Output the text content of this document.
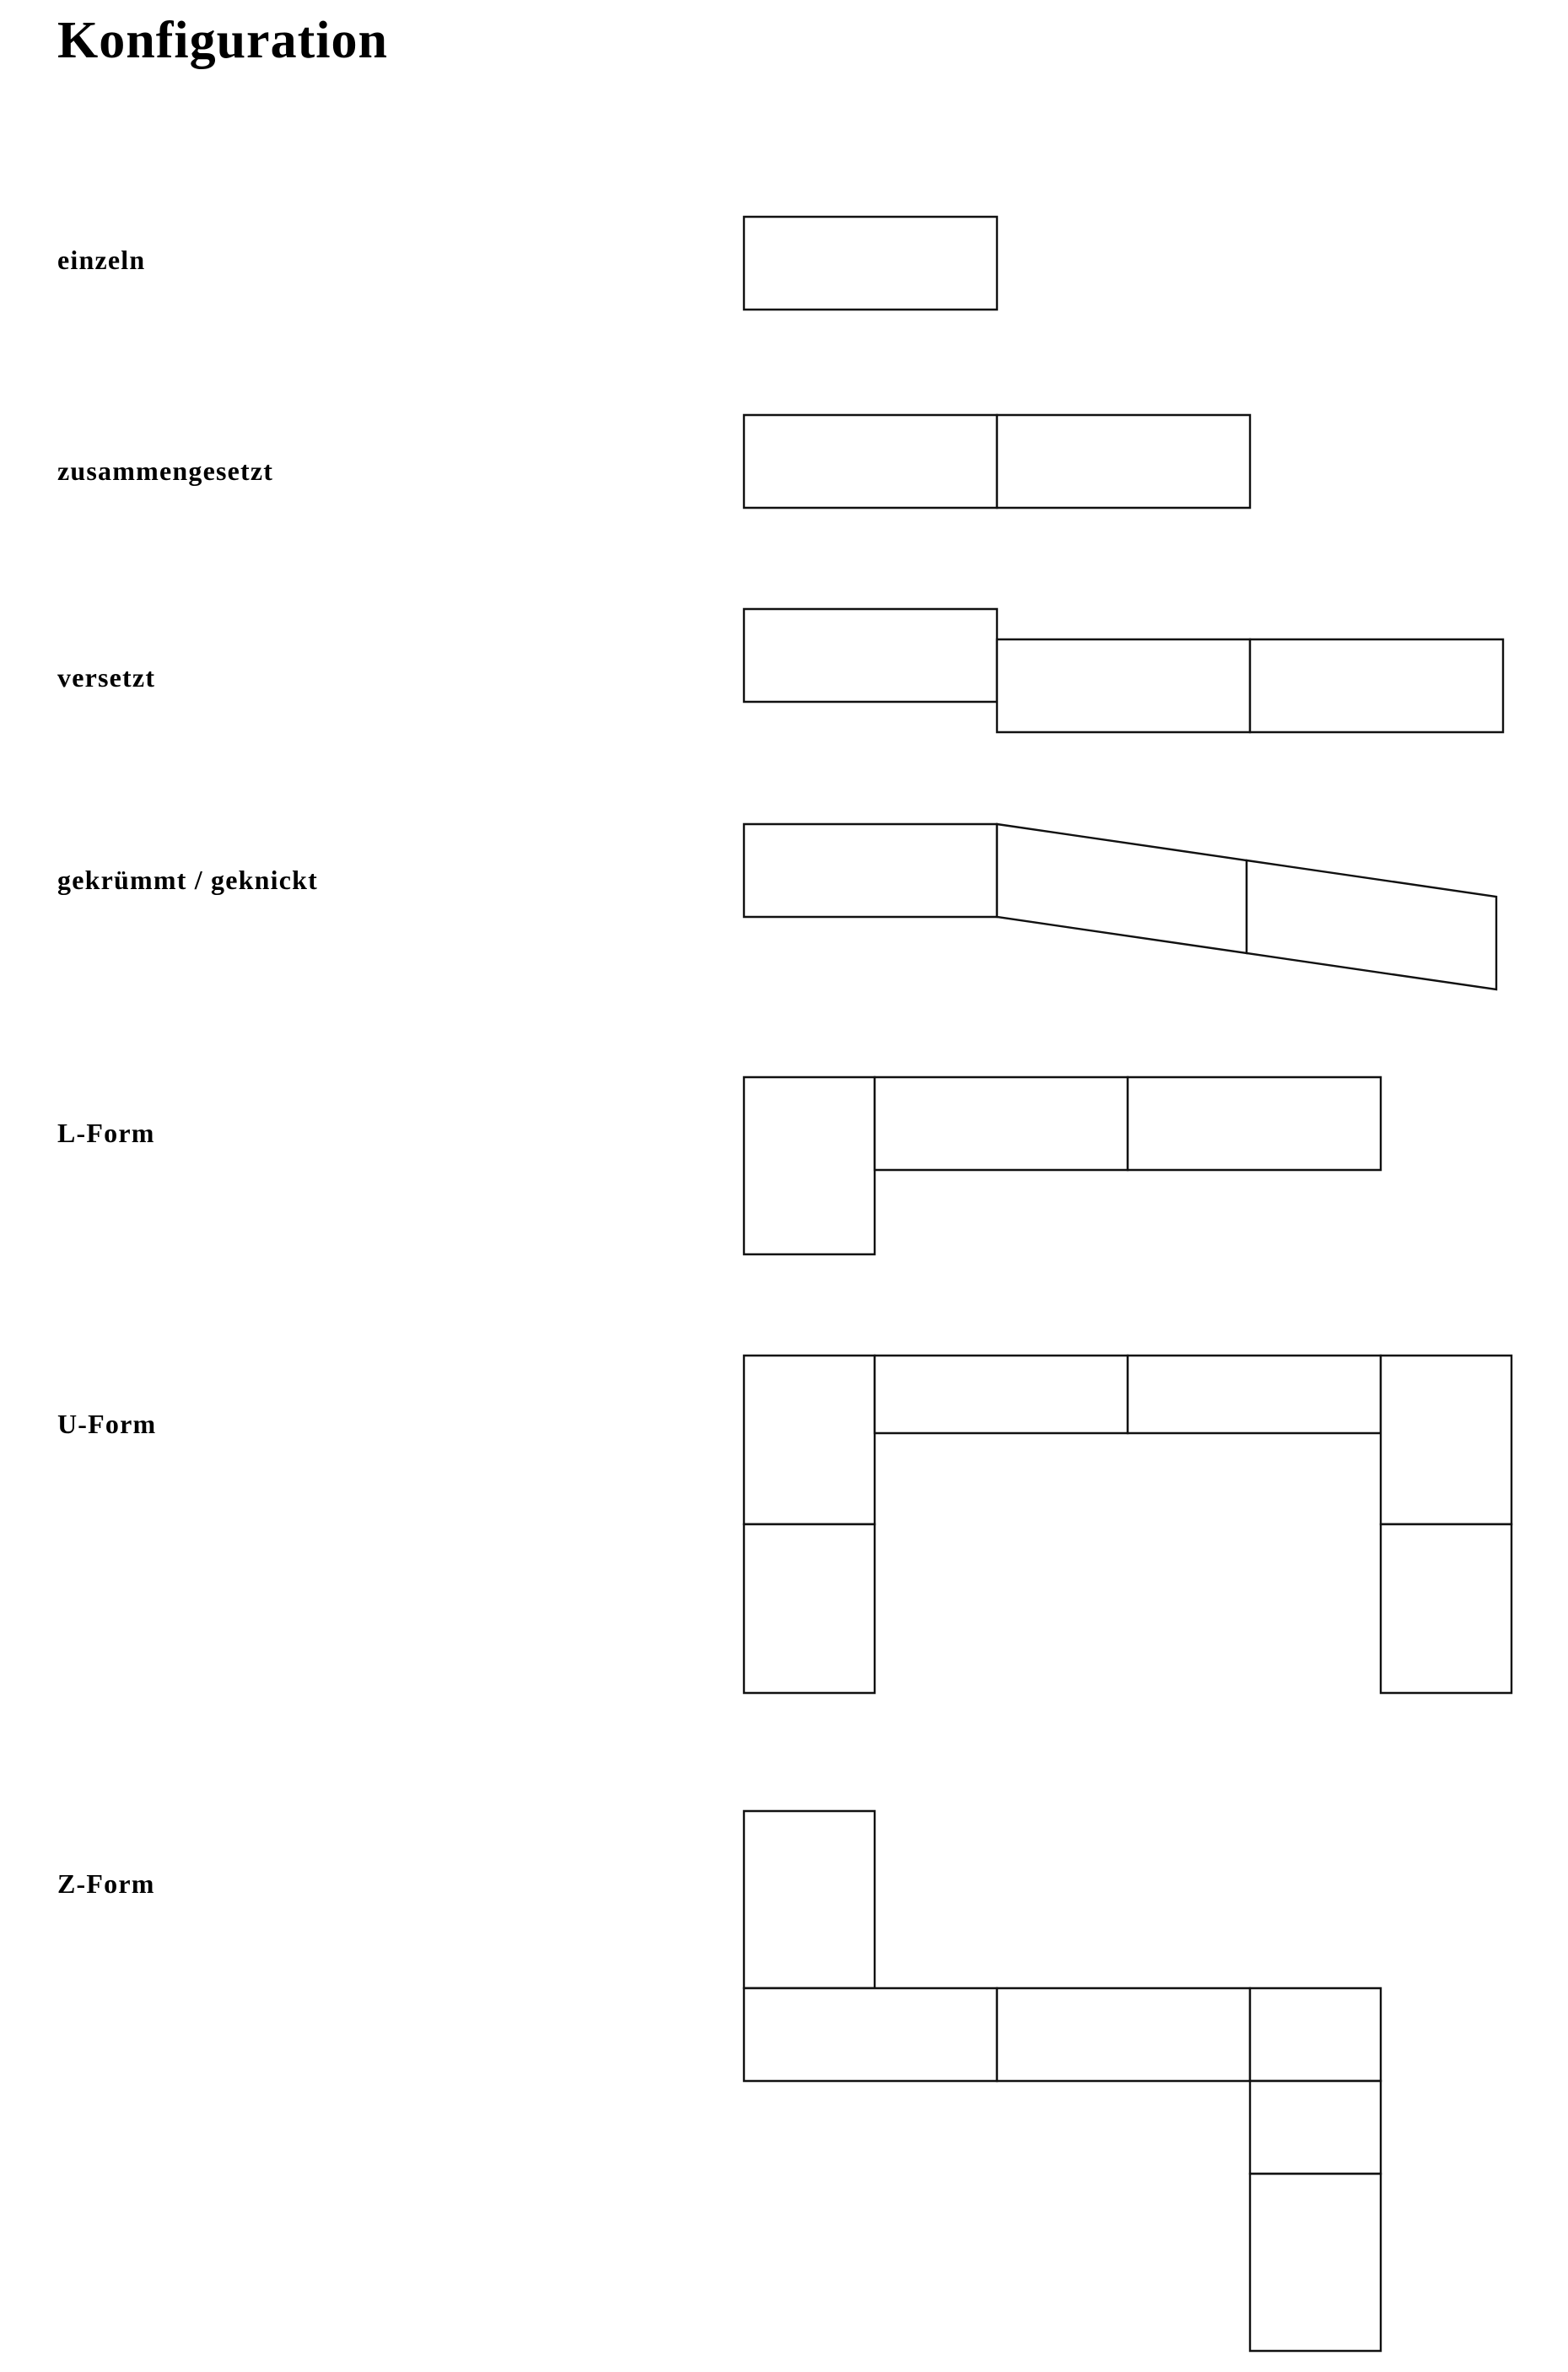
Konfiguration
einzeln
zusammengesetzt
versetzt
gekrümmt / geknickt
L-Form
U-Form
Z-Form
